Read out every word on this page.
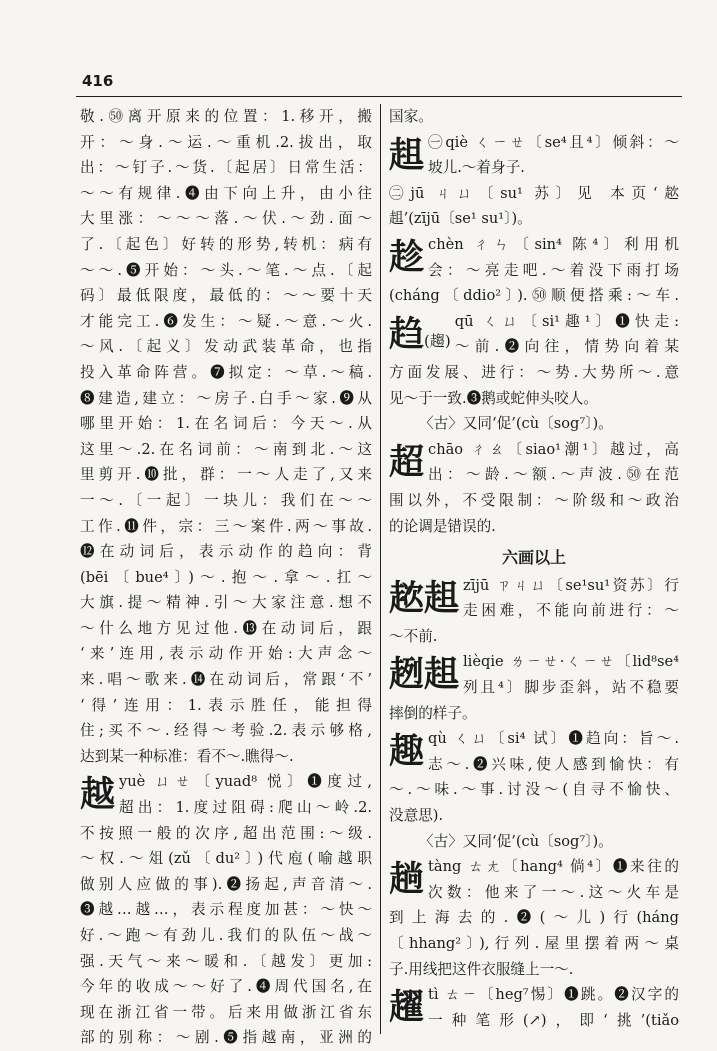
416
敬.㊿离开原来的位置：1.移开，搬
开：～身.～运.～重机.2.拔出，取
出：～钉子.～货.〔起居〕日常生活：
～～有规律.❹由下向上升，由小往
大里涨：～～～落.～伏.～劲.面～
了.〔起色〕好转的形势,转机：病有
～～.❺开始：～头.～笔.～点.〔起
码〕最低限度，最低的：～～要十天
才能完工.❻发生：～疑.～意.～火.
～风.〔起义〕发动武装革命，也指
投入革命阵营。❼拟定：～草.～稿.
❽建造,建立：～房子.白手～家.❾从
哪里开始：1.在名词后：今天～.从
这里～.2.在名词前：～南到北.～这
里剪开.❿批，群：一～人走了,又来
一～.〔一起〕一块儿：我们在～～
工作.⓫件，宗：三～案件.两～事故.
⓬在动词后，表示动作的趋向：背
(bēi〔bue⁴〕)～.抱～.拿～.扛～
大旗.提～精神.引～大家注意.想不
～什么地方见过他.⓭在动词后，跟
‘来’连用,表示动作开始:大声念～
来.唱～歌来.⓮在动词后，常跟‘不’
‘得’连用：1.表示胜任，能担得
住;买不～.经得～考验.2.表示够格,
达到某一种标准：看不～.瞧得～.
越 yuè ㄩㄝ〔yuad⁸ 悦〕❶度过,
超出：1.度过阻碍:爬山～岭.2.
不按照一般的次序,超出范围:～级.
～权.～俎(zǔ〔du²〕)代庖(喻越职
做别人应做的事).❷扬起,声音清～.
❸越…越…，表示程度加甚：～快～
好.～跑～有劲儿.我们的队伍～战～
强.天气～来～暖和.〔越发〕更加:
今年的收成～～好了.❹周代国名,在
现在浙江省一带。后来用做浙江省东
部的别称：～剧.❺指越南，亚洲的
国家。
趄 ㊀qiè ㄑㄧㄝ〔se⁴且⁴〕倾斜：～
坡儿.～着身子.
㊁jū ㄐㄩ〔su¹ 苏〕见 本页‘趑
趄’(zījū〔se¹ su¹〕)。
趁 chèn ㄔㄣ〔sin⁴ 陈⁴〕利用机
会：～亮走吧.～着没下雨打场
(cháng〔ddio²〕).㊿顺便搭乘:～车.
趋(趨)
qū ㄑㄩ〔si¹趣¹〕❶快走:
～前.❷向往，情势向着某
方面发展、进行：～势.大势所～.意
见～于一致.❸鹅或蛇伸头咬人。
〈古〉又同‘促’(cù〔sog⁷〕)。
超 chāo ㄔㄠ〔siao¹潮¹〕越过，高
出：～龄.～额.～声波.㊿在范
围以外，不受限制：～阶级和～政治
的论调是错误的.
六画以上
趑趄 zījū ㄗㄐㄩ〔se¹su¹资苏〕行
走困难，不能向前进行：～
～不前.
趔趄 lièqie ㄌㄧㄝ·ㄑㄧㄝ〔lid⁸se⁴
列且⁴〕脚步歪斜，站不稳要
摔倒的样子。
趣 qù ㄑㄩ〔si⁴ 试〕❶趋向：旨～.
志～.❷兴味,使人感到愉快：有
～.～味.～事.讨没～(自寻不愉快、
没意思).
〈古〉又同‘促’(cù〔sog⁷〕)。
趟 tàng ㄊㄤ〔hang⁴ 倘⁴〕❶来往的
次数：他来了一～.这～火车是
到上海去的.❷(～儿)行(háng
〔hhang²〕),行列.屋里摆着两～桌
子.用线把这件衣服缝上一～.
趯 tì ㄊㄧ〔heg⁷惕〕❶跳。❷汉字的
一种笔形(↗)，即‘挑’(tiǎo
